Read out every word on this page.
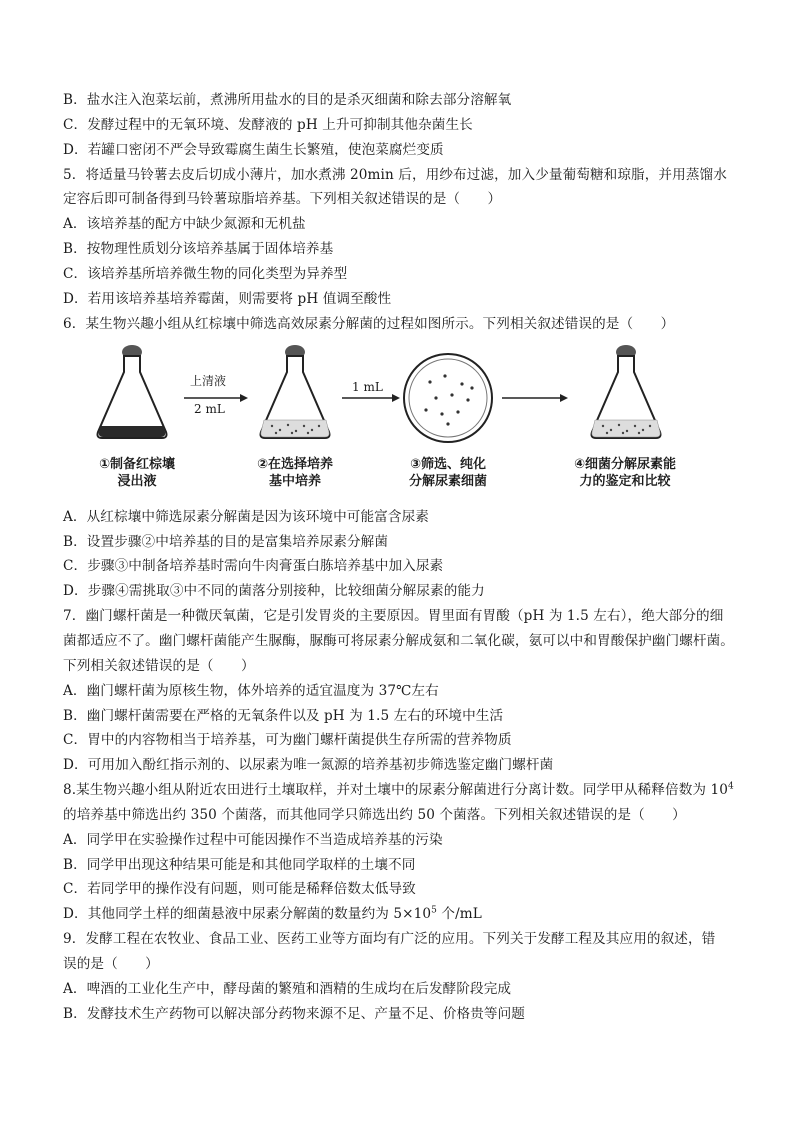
B．盐水注入泡菜坛前，煮沸所用盐水的目的是杀灭细菌和除去部分溶解氧
C．发酵过程中的无氧环境、发酵液的 pH 上升可抑制其他杂菌生长
D．若罐口密闭不严会导致霉腐生菌生长繁殖，使泡菜腐烂变质
5．将适量马铃薯去皮后切成小薄片，加水煮沸 20min 后，用纱布过滤，加入少量葡萄糖和琼脂，并用蒸馏水
定容后即可制备得到马铃薯琼脂培养基。下列相关叙述错误的是（　　）
A．该培养基的配方中缺少氮源和无机盐
B．按物理性质划分该培养基属于固体培养基
C．该培养基所培养微生物的同化类型为异养型
D．若用该培养基培养霉菌，则需要将 pH 值调至酸性
6．某生物兴趣小组从红棕壤中筛选高效尿素分解菌的过程如图所示。下列相关叙述错误的是（　　）
上清液
2 mL
1 mL
①制备红棕壤
浸出液
②在选择培养
基中培养
③筛选、纯化
分解尿素细菌
④细菌分解尿素能
力的鉴定和比较
A．从红棕壤中筛选尿素分解菌是因为该环境中可能富含尿素
B．设置步骤②中培养基的目的是富集培养尿素分解菌
C．步骤③中制备培养基时需向牛肉膏蛋白胨培养基中加入尿素
D．步骤④需挑取③中不同的菌落分别接种，比较细菌分解尿素的能力
7．幽门螺杆菌是一种微厌氧菌，它是引发胃炎的主要原因。胃里面有胃酸（pH 为 1.5 左右），绝大部分的细
菌都适应不了。幽门螺杆菌能产生脲酶，脲酶可将尿素分解成氨和二氧化碳，氨可以中和胃酸保护幽门螺杆菌。
下列相关叙述错误的是（　　）
A．幽门螺杆菌为原核生物，体外培养的适宜温度为 37℃左右
B．幽门螺杆菌需要在严格的无氧条件以及 pH 为 1.5 左右的环境中生活
C．胃中的内容物相当于培养基，可为幽门螺杆菌提供生存所需的营养物质
D．可用加入酚红指示剂的、以尿素为唯一氮源的培养基初步筛选鉴定幽门螺杆菌
8.某生物兴趣小组从附近农田进行土壤取样，并对土壤中的尿素分解菌进行分离计数。同学甲从稀释倍数为 $10^4$
的培养基中筛选出约 350 个菌落，而其他同学只筛选出约 50 个菌落。下列相关叙述错误的是（　　）
A．同学甲在实验操作过程中可能因操作不当造成培养基的污染
B．同学甲出现这种结果可能是和其他同学取样的土壤不同
C．若同学甲的操作没有问题，则可能是稀释倍数太低导致
D．其他同学土样的细菌悬液中尿素分解菌的数量约为 $5\times 10^5$ 个/mL
9．发酵工程在农牧业、食品工业、医药工业等方面均有广泛的应用。下列关于发酵工程及其应用的叙述，错
误的是（　　）
A．啤酒的工业化生产中，酵母菌的繁殖和酒精的生成均在后发酵阶段完成
B．发酵技术生产药物可以解决部分药物来源不足、产量不足、价格贵等问题
